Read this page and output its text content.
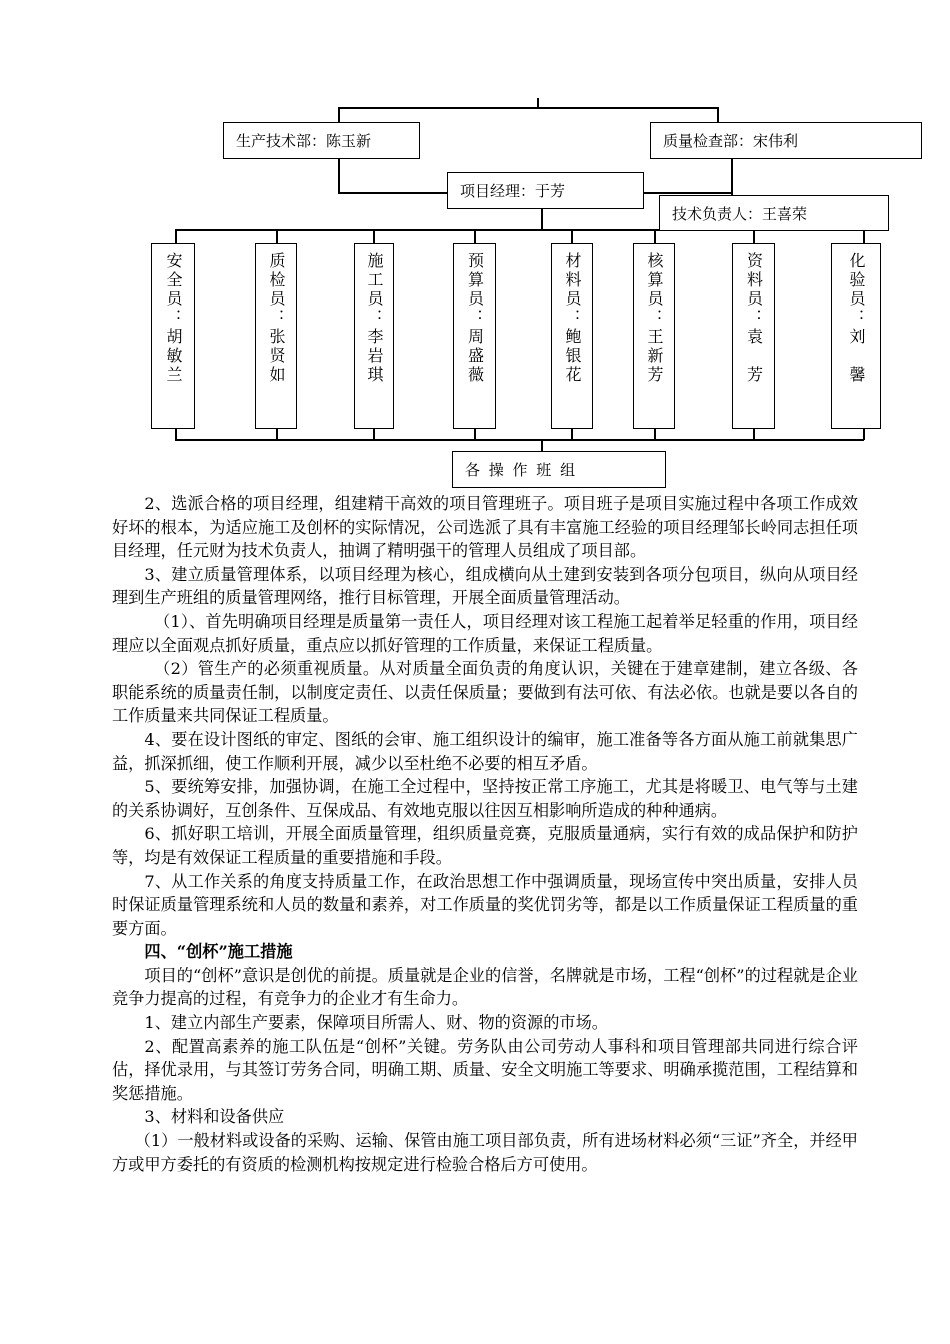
生产技术部：陈玉新	质量检查部：宋伟利
项目经理：于芳
技术负责人：王喜荣
安全员：胡敏兰	质检员：张贤如	施工员：李岩琪	预算员：周盛薇	材料员：鲍银花	核算员：王新芳	资料员：袁　芳	化验员：刘　馨
各 操 作 班 组

2、选派合格的项目经理，组建精干高效的项目管理班子。项目班子是项目实施过程中各项工作成效好坏的根本，为适应施工及创杯的实际情况，公司选派了具有丰富施工经验的项目经理邹长岭同志担任项目经理，任元财为技术负责人，抽调了精明强干的管理人员组成了项目部。

3、建立质量管理体系，以项目经理为核心，组成横向从土建到安装到各项分包项目，纵向从项目经理到生产班组的质量管理网络，推行目标管理，开展全面质量管理活动。

（1）、首先明确项目经理是质量第一责任人，项目经理对该工程施工起着举足轻重的作用，项目经理应以全面观点抓好质量，重点应以抓好管理的工作质量，来保证工程质量。

（2）管生产的必须重视质量。从对质量全面负责的角度认识，关键在于建章建制，建立各级、各职能系统的质量责任制，以制度定责任、以责任保质量；要做到有法可依、有法必依。也就是要以各自的工作质量来共同保证工程质量。

4、要在设计图纸的审定、图纸的会审、施工组织设计的编审，施工准备等各方面从施工前就集思广益，抓深抓细，使工作顺利开展，减少以至杜绝不必要的相互矛盾。

5、要统筹安排，加强协调，在施工全过程中，坚持按正常工序施工，尤其是将暖卫、电气等与土建的关系协调好，互创条件、互保成品、有效地克服以往因互相影响所造成的种种通病。

6、抓好职工培训，开展全面质量管理，组织质量竞赛，克服质量通病，实行有效的成品保护和防护等，均是有效保证工程质量的重要措施和手段。

7、从工作关系的角度支持质量工作，在政治思想工作中强调质量，现场宣传中突出质量，安排人员时保证质量管理系统和人员的数量和素养，对工作质量的奖优罚劣等，都是以工作质量保证工程质量的重要方面。

四、“创杯”施工措施

项目的“创杯”意识是创优的前提。质量就是企业的信誉，名牌就是市场，工程“创杯”的过程就是企业竞争力提高的过程，有竞争力的企业才有生命力。

1、建立内部生产要素，保障项目所需人、财、物的资源的市场。

2、配置高素养的施工队伍是“创杯”关键。劳务队由公司劳动人事科和项目管理部共同进行综合评估，择优录用，与其签订劳务合同，明确工期、质量、安全文明施工等要求、明确承揽范围，工程结算和奖惩措施。

3、材料和设备供应

（1）一般材料或设备的采购、运输、保管由施工项目部负责，所有进场材料必须“三证”齐全，并经甲方或甲方委托的有资质的检测机构按规定进行检验合格后方可使用。
